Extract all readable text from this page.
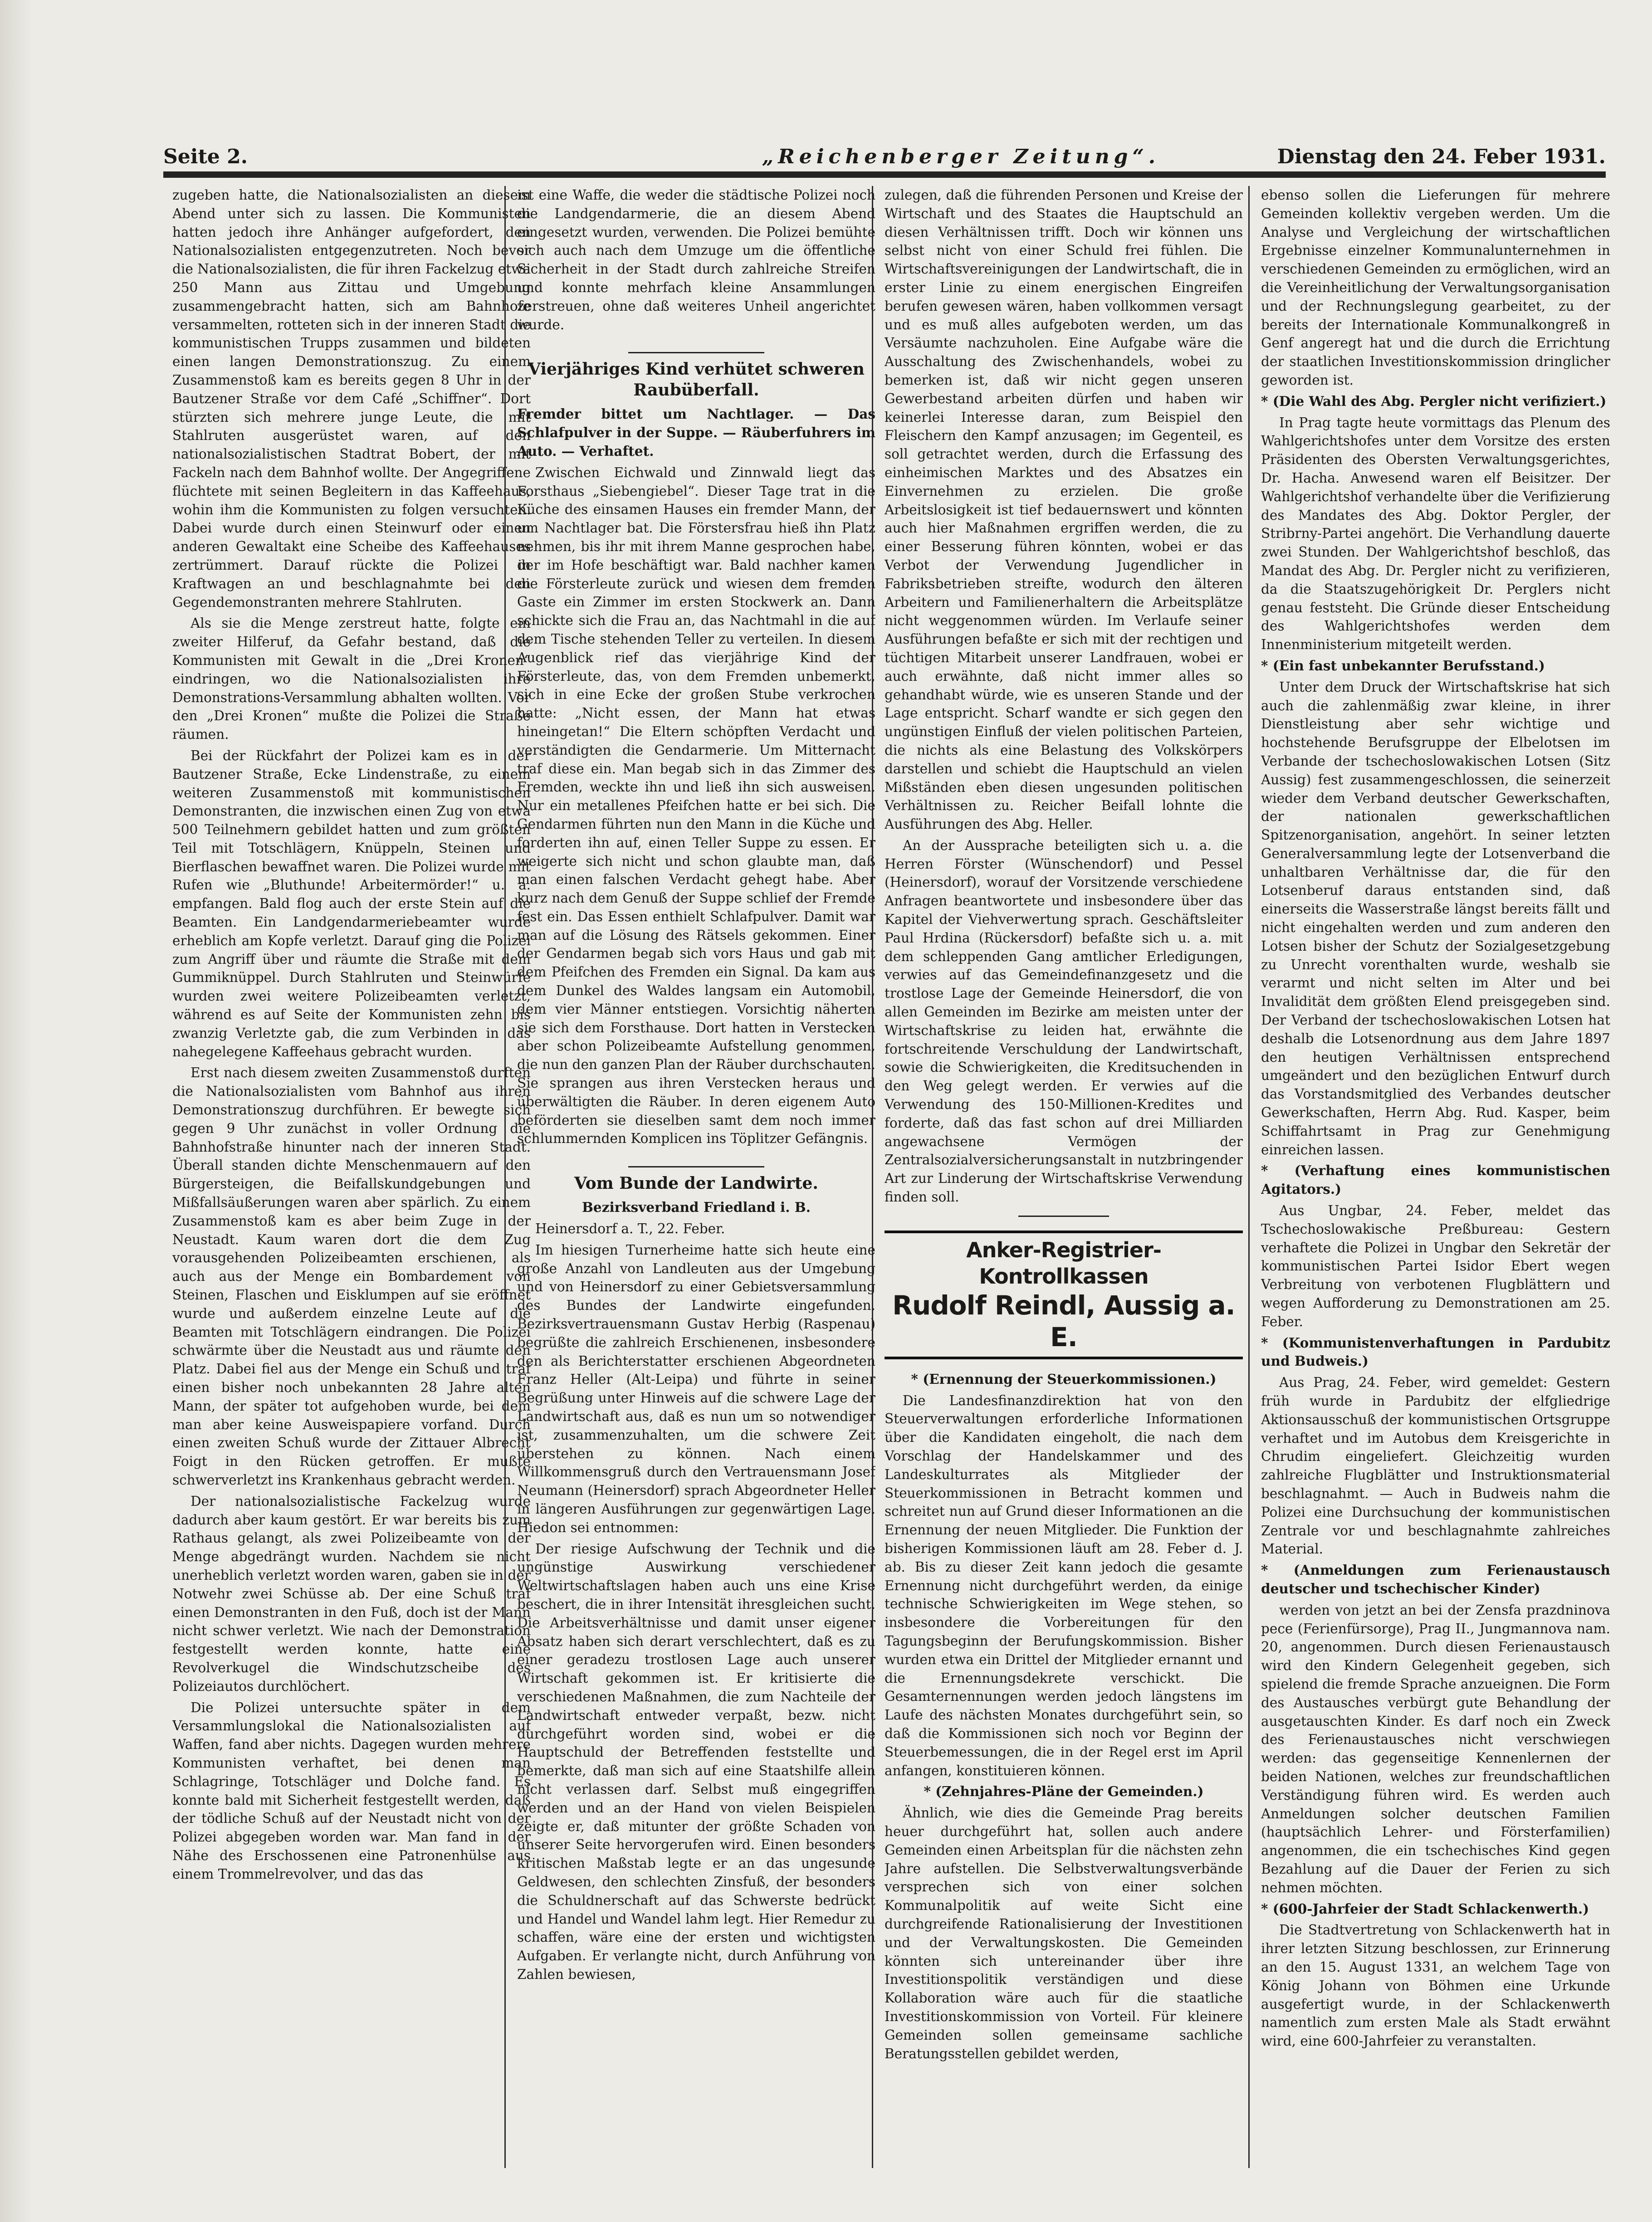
Seite 2.	„Reichenberger Zeitung“.	Dienstag den 24. Feber 1931.

zugeben hatte, die Nationalsozialisten an diesem Abend unter sich zu lassen. Die Kommunisten hatten jedoch ihre Anhänger aufgefordert, den Nationalsozialisten entgegenzutreten. Noch bevor die Nationalsozialisten, die für ihren Fackelzug etwa 250 Mann aus Zittau und Umgebung zusammengebracht hatten, sich am Bahnhofe versammelten, rotteten sich in der inneren Stadt die kommunistischen Trupps zusammen und bildeten einen langen Demonstrationszug. Zu einem Zusammenstoß kam es bereits gegen 8 Uhr in der Bautzener Straße vor dem Café „Schiffner“. Dort stürzten sich mehrere junge Leute, die mit Stahlruten ausgerüstet waren, auf den nationalsozialistischen Stadtrat Bobert, der mit Fackeln nach dem Bahnhof wollte. Der Angegriffene flüchtete mit seinen Begleitern in das Kaffeehaus, wohin ihm die Kommunisten zu folgen versuchten. Dabei wurde durch einen Steinwurf oder einen anderen Gewaltakt eine Scheibe des Kaffeehauses zertrümmert. Darauf rückte die Polizei in Kraftwagen an und beschlagnahmte bei den Gegendemonstranten mehrere Stahlruten.

Als sie die Menge zerstreut hatte, folgte ein zweiter Hilferuf, da Gefahr bestand, daß die Kommunisten mit Gewalt in die „Drei Kronen“ eindringen, wo die Nationalsozialisten ihre Demonstrations-Versammlung abhalten wollten. Vor den „Drei Kronen“ mußte die Polizei die Straße räumen.

Bei der Rückfahrt der Polizei kam es in der Bautzener Straße, Ecke Lindenstraße, zu einem weiteren Zusammenstoß mit kommunistischen Demonstranten, die inzwischen einen Zug von etwa 500 Teilnehmern gebildet hatten und zum größten Teil mit Totschlägern, Knüppeln, Steinen und Bierflaschen bewaffnet waren. Die Polizei wurde mit Rufen wie „Bluthunde! Arbeitermörder!“ u. a. empfangen. Bald flog auch der erste Stein auf die Beamten. Ein Landgendarmeriebeamter wurde erheblich am Kopfe verletzt. Darauf ging die Polizei zum Angriff über und räumte die Straße mit dem Gummiknüppel. Durch Stahlruten und Steinwürfe wurden zwei weitere Polizeibeamten verletzt, während es auf Seite der Kommunisten zehn bis zwanzig Verletzte gab, die zum Verbinden in das nahegelegene Kaffeehaus gebracht wurden.

Erst nach diesem zweiten Zusammenstoß durften die Nationalsozialisten vom Bahnhof aus ihren Demonstrationszug durchführen. Er bewegte sich gegen 9 Uhr zunächst in voller Ordnung die Bahnhofstraße hinunter nach der inneren Stadt. Überall standen dichte Menschenmauern auf den Bürgersteigen, die Beifallskundgebungen und Mißfallsäußerungen waren aber spärlich. Zu einem Zusammenstoß kam es aber beim Zuge in der Neustadt. Kaum waren dort die dem Zug vorausgehenden Polizeibeamten erschienen, als auch aus der Menge ein Bombardement von Steinen, Flaschen und Eisklumpen auf sie eröffnet wurde und außerdem einzelne Leute auf die Beamten mit Totschlägern eindrangen. Die Polizei schwärmte über die Neustadt aus und räumte den Platz. Dabei fiel aus der Menge ein Schuß und traf einen bisher noch unbekannten 28 Jahre alten Mann, der später tot aufgehoben wurde, bei dem man aber keine Ausweispapiere vorfand. Durch einen zweiten Schuß wurde der Zittauer Albrecht Foigt in den Rücken getroffen. Er mußte schwerverletzt ins Krankenhaus gebracht werden.

Der nationalsozialistische Fackelzug wurde dadurch aber kaum gestört. Er war bereits bis zum Rathaus gelangt, als zwei Polizeibeamte von der Menge abgedrängt wurden. Nachdem sie nicht unerheblich verletzt worden waren, gaben sie in der Notwehr zwei Schüsse ab. Der eine Schuß traf einen Demonstranten in den Fuß, doch ist der Mann nicht schwer verletzt. Wie nach der Demonstration festgestellt werden konnte, hatte eine Revolverkugel die Windschutzscheibe des Polizeiautos durchlöchert.

Die Polizei untersuchte später in dem Versammlungslokal die Nationalsozialisten auf Waffen, fand aber nichts. Dagegen wurden mehrere Kommunisten verhaftet, bei denen man Schlagringe, Totschläger und Dolche fand. Es konnte bald mit Sicherheit festgestellt werden, daß der tödliche Schuß auf der Neustadt nicht von der Polizei abgegeben worden war. Man fand in der Nähe des Erschossenen eine Patronenhülse aus einem Trommelrevolver, und das das

ist eine Waffe, die weder die städtische Polizei noch die Landgendarmerie, die an diesem Abend eingesetzt wurden, verwenden. Die Polizei bemühte sich auch nach dem Umzuge um die öffentliche Sicherheit in der Stadt durch zahlreiche Streifen und konnte mehrfach kleine Ansammlungen zerstreuen, ohne daß weiteres Unheil angerichtet wurde.

Vierjähriges Kind verhütet schweren Raubüberfall.

Fremder bittet um Nachtlager. — Das Schlafpulver in der Suppe. — Räuberfuhrers im Auto. — Verhaftet.

Zwischen Eichwald und Zinnwald liegt das Forsthaus „Siebengiebel“. Dieser Tage trat in die Küche des einsamen Hauses ein fremder Mann, der um Nachtlager bat. Die Förstersfrau hieß ihn Platz nehmen, bis ihr mit ihrem Manne gesprochen habe, der im Hofe beschäftigt war. Bald nachher kamen die Försterleute zurück und wiesen dem fremden Gaste ein Zimmer im ersten Stockwerk an. Dann schickte sich die Frau an, das Nachtmahl in die auf dem Tische stehenden Teller zu verteilen. In diesem Augenblick rief das vierjährige Kind der Försterleute, das, von dem Fremden unbemerkt, sich in eine Ecke der großen Stube verkrochen hatte: „Nicht essen, der Mann hat etwas hineingetan!“ Die Eltern schöpften Verdacht und verständigten die Gendarmerie. Um Mitternacht traf diese ein. Man begab sich in das Zimmer des Fremden, weckte ihn und ließ ihn sich ausweisen. Nur ein metallenes Pfeifchen hatte er bei sich. Die Gendarmen führten nun den Mann in die Küche und forderten ihn auf, einen Teller Suppe zu essen. Er weigerte sich nicht und schon glaubte man, daß man einen falschen Verdacht gehegt habe. Aber kurz nach dem Genuß der Suppe schlief der Fremde fest ein. Das Essen enthielt Schlafpulver. Damit war man auf die Lösung des Rätsels gekommen. Einer der Gendarmen begab sich vors Haus und gab mit dem Pfeifchen des Fremden ein Signal. Da kam aus dem Dunkel des Waldes langsam ein Automobil, dem vier Männer entstiegen. Vorsichtig näherten sie sich dem Forsthause. Dort hatten in Verstecken aber schon Polizeibeamte Aufstellung genommen, die nun den ganzen Plan der Räuber durchschauten. Sie sprangen aus ihren Verstecken heraus und überwältigten die Räuber. In deren eigenem Auto beförderten sie dieselben samt dem noch immer schlummernden Komplicen ins Töplitzer Gefängnis.

Vom Bunde der Landwirte.

Bezirksverband Friedland i. B.

Heinersdorf a. T., 22. Feber.

Im hiesigen Turnerheime hatte sich heute eine große Anzahl von Landleuten aus der Umgebung und von Heinersdorf zu einer Gebietsversammlung des Bundes der Landwirte eingefunden. Bezirksvertrauensmann Gustav Herbig (Raspenau) begrüßte die zahlreich Erschienenen, insbesondere den als Berichterstatter erschienen Abgeordneten Franz Heller (Alt-Leipa) und führte in seiner Begrüßung unter Hinweis auf die schwere Lage der Landwirtschaft aus, daß es nun um so notwendiger ist, zusammenzuhalten, um die schwere Zeit überstehen zu können. Nach einem Willkommensgruß durch den Vertrauensmann Josef Neumann (Heinersdorf) sprach Abgeordneter Heller in längeren Ausführungen zur gegenwärtigen Lage. Hiedon sei entnommen:

Der riesige Aufschwung der Technik und die ungünstige Auswirkung verschiedener Weltwirtschaftslagen haben auch uns eine Krise beschert, die in ihrer Intensität ihresgleichen sucht. Die Arbeitsverhältnisse und damit unser eigener Absatz haben sich derart verschlechtert, daß es zu einer geradezu trostlosen Lage auch unserer Wirtschaft gekommen ist. Er kritisierte die verschiedenen Maßnahmen, die zum Nachteile der Landwirtschaft entweder verpaßt, bezw. nicht durchgeführt worden sind, wobei er die Hauptschuld der Betreffenden feststellte und bemerkte, daß man sich auf eine Staatshilfe allein nicht verlassen darf. Selbst muß eingegriffen werden und an der Hand von vielen Beispielen zeigte er, daß mitunter der größte Schaden von unserer Seite hervorgerufen wird. Einen besonders kritischen Maßstab legte er an das ungesunde Geldwesen, den schlechten Zinsfuß, der besonders die Schuldnerschaft auf das Schwerste bedrückt und Handel und Wandel lahm legt. Hier Remedur zu schaffen, wäre eine der ersten und wichtigsten Aufgaben. Er verlangte nicht, durch Anführung von Zahlen bewiesen,

zulegen, daß die führenden Personen und Kreise der Wirtschaft und des Staates die Hauptschuld an diesen Verhältnissen trifft. Doch wir können uns selbst nicht von einer Schuld frei fühlen. Die Wirtschaftsvereinigungen der Landwirtschaft, die in erster Linie zu einem energischen Eingreifen berufen gewesen wären, haben vollkommen versagt und es muß alles aufgeboten werden, um das Versäumte nachzuholen. Eine Aufgabe wäre die Ausschaltung des Zwischenhandels, wobei zu bemerken ist, daß wir nicht gegen unseren Gewerbestand arbeiten dürfen und haben wir keinerlei Interesse daran, zum Beispiel den Fleischern den Kampf anzusagen; im Gegenteil, es soll getrachtet werden, durch die Erfassung des einheimischen Marktes und des Absatzes ein Einvernehmen zu erzielen. Die große Arbeitslosigkeit ist tief bedauernswert und könnten auch hier Maßnahmen ergriffen werden, die zu einer Besserung führen könnten, wobei er das Verbot der Verwendung Jugendlicher in Fabriksbetrieben streifte, wodurch den älteren Arbeitern und Familienerhaltern die Arbeitsplätze nicht weggenommen würden. Im Verlaufe seiner Ausführungen befaßte er sich mit der rechtigen und tüchtigen Mitarbeit unserer Landfrauen, wobei er auch erwähnte, daß nicht immer alles so gehandhabt würde, wie es unseren Stande und der Lage entspricht. Scharf wandte er sich gegen den ungünstigen Einfluß der vielen politischen Parteien, die nichts als eine Belastung des Volkskörpers darstellen und schiebt die Hauptschuld an vielen Mißständen eben diesen ungesunden politischen Verhältnissen zu. Reicher Beifall lohnte die Ausführungen des Abg. Heller.

An der Aussprache beteiligten sich u. a. die Herren Förster (Wünschendorf) und Pessel (Heinersdorf), worauf der Vorsitzende verschiedene Anfragen beantwortete und insbesondere über das Kapitel der Viehverwertung sprach. Geschäftsleiter Paul Hrdina (Rückersdorf) befaßte sich u. a. mit dem schleppenden Gang amtlicher Erledigungen, verwies auf das Gemeindefinanzgesetz und die trostlose Lage der Gemeinde Heinersdorf, die von allen Gemeinden im Bezirke am meisten unter der Wirtschaftskrise zu leiden hat, erwähnte die fortschreitende Verschuldung der Landwirtschaft, sowie die Schwierigkeiten, die Kreditsuchenden in den Weg gelegt werden. Er verwies auf die Verwendung des 150-Millionen-Kredites und forderte, daß das fast schon auf drei Milliarden angewachsene Vermögen der Zentralsozialversicherungsanstalt in nutzbringender Art zur Linderung der Wirtschaftskrise Verwendung finden soll.

Anker-Registrier-Kontrollkassen
Rudolf Reindl, Aussig a. E.

* (Ernennung der Steuerkommissionen.)

Die Landesfinanzdirektion hat von den Steuerverwaltungen erforderliche Informationen über die Kandidaten eingeholt, die nach dem Vorschlag der Handelskammer und des Landeskulturrates als Mitglieder der Steuerkommissionen in Betracht kommen und schreitet nun auf Grund dieser Informationen an die Ernennung der neuen Mitglieder. Die Funktion der bisherigen Kommissionen läuft am 28. Feber d. J. ab. Bis zu dieser Zeit kann jedoch die gesamte Ernennung nicht durchgeführt werden, da einige technische Schwierigkeiten im Wege stehen, so insbesondere die Vorbereitungen für den Tagungsbeginn der Berufungskommission. Bisher wurden etwa ein Drittel der Mitglieder ernannt und die Ernennungsdekrete verschickt. Die Gesamternennungen werden jedoch längstens im Laufe des nächsten Monates durchgeführt sein, so daß die Kommissionen sich noch vor Beginn der Steuerbemessungen, die in der Regel erst im April anfangen, konstituieren können.

* (Zehnjahres-Pläne der Gemeinden.)

Ähnlich, wie dies die Gemeinde Prag bereits heuer durchgeführt hat, sollen auch andere Gemeinden einen Arbeitsplan für die nächsten zehn Jahre aufstellen. Die Selbstverwaltungsverbände versprechen sich von einer solchen Kommunalpolitik auf weite Sicht eine durchgreifende Rationalisierung der Investitionen und der Verwaltungskosten. Die Gemeinden könnten sich untereinander über ihre Investitionspolitik verständigen und diese Kollaboration wäre auch für die staatliche Investitionskommission von Vorteil. Für kleinere Gemeinden sollen gemeinsame sachliche Beratungsstellen gebildet werden,

ebenso sollen die Lieferungen für mehrere Gemeinden kollektiv vergeben werden. Um die Analyse und Vergleichung der wirtschaftlichen Ergebnisse einzelner Kommunalunternehmen in verschiedenen Gemeinden zu ermöglichen, wird an die Vereinheitlichung der Verwaltungsorganisation und der Rechnungslegung gearbeitet, zu der bereits der Internationale Kommunalkongreß in Genf angeregt hat und die durch die Errichtung der staatlichen Investitionskommission dringlicher geworden ist.

* (Die Wahl des Abg. Pergler nicht verifiziert.)

In Prag tagte heute vormittags das Plenum des Wahlgerichtshofes unter dem Vorsitze des ersten Präsidenten des Obersten Verwaltungsgerichtes, Dr. Hacha. Anwesend waren elf Beisitzer. Der Wahlgerichtshof verhandelte über die Verifizierung des Mandates des Abg. Doktor Pergler, der Stribrny-Partei angehört. Die Verhandlung dauerte zwei Stunden. Der Wahlgerichtshof beschloß, das Mandat des Abg. Dr. Pergler nicht zu verifizieren, da die Staatszugehörigkeit Dr. Perglers nicht genau feststeht. Die Gründe dieser Entscheidung des Wahlgerichtshofes werden dem Innenministerium mitgeteilt werden.

* (Ein fast unbekannter Berufsstand.)

Unter dem Druck der Wirtschaftskrise hat sich auch die zahlenmäßig zwar kleine, in ihrer Dienstleistung aber sehr wichtige und hochstehende Berufsgruppe der Elbelotsen im Verbande der tschechoslowakischen Lotsen (Sitz Aussig) fest zusammengeschlossen, die seinerzeit wieder dem Verband deutscher Gewerkschaften, der nationalen gewerkschaftlichen Spitzenorganisation, angehört. In seiner letzten Generalversammlung legte der Lotsenverband die unhaltbaren Verhältnisse dar, die für den Lotsenberuf daraus entstanden sind, daß einerseits die Wasserstraße längst bereits fällt und nicht eingehalten werden und zum anderen den Lotsen bisher der Schutz der Sozialgesetzgebung zu Unrecht vorenthalten wurde, weshalb sie verarmt und nicht selten im Alter und bei Invalidität dem größten Elend preisgegeben sind. Der Verband der tschechoslowakischen Lotsen hat deshalb die Lotsenordnung aus dem Jahre 1897 den heutigen Verhältnissen entsprechend umgeändert und den bezüglichen Entwurf durch das Vorstandsmitglied des Verbandes deutscher Gewerkschaften, Herrn Abg. Rud. Kasper, beim Schiffahrtsamt in Prag zur Genehmigung einreichen lassen.

* (Verhaftung eines kommunistischen Agitators.)

Aus Ungbar, 24. Feber, meldet das Tschechoslowakische Preßbureau: Gestern verhaftete die Polizei in Ungbar den Sekretär der kommunistischen Partei Isidor Ebert wegen Verbreitung von verbotenen Flugblättern und wegen Aufforderung zu Demonstrationen am 25. Feber.

* (Kommunistenverhaftungen in Pardubitz und Budweis.)

Aus Prag, 24. Feber, wird gemeldet: Gestern früh wurde in Pardubitz der elfgliedrige Aktionsausschuß der kommunistischen Ortsgruppe verhaftet und im Autobus dem Kreisgerichte in Chrudim eingeliefert. Gleichzeitig wurden zahlreiche Flugblätter und Instruktionsmaterial beschlagnahmt. — Auch in Budweis nahm die Polizei eine Durchsuchung der kommunistischen Zentrale vor und beschlagnahmte zahlreiches Material.

* (Anmeldungen zum Ferienaustausch deutscher und tschechischer Kinder)

werden von jetzt an bei der Zensfa prazdninova pece (Ferienfürsorge), Prag II., Jungmannova nam. 20, angenommen. Durch diesen Ferienaustausch wird den Kindern Gelegenheit gegeben, sich spielend die fremde Sprache anzueignen. Die Form des Austausches verbürgt gute Behandlung der ausgetauschten Kinder. Es darf noch ein Zweck des Ferienaustausches nicht verschwiegen werden: das gegenseitige Kennenlernen der beiden Nationen, welches zur freundschaftlichen Verständigung führen wird. Es werden auch Anmeldungen solcher deutschen Familien (hauptsächlich Lehrer- und Försterfamilien) angenommen, die ein tschechisches Kind gegen Bezahlung auf die Dauer der Ferien zu sich nehmen möchten.

* (600-Jahrfeier der Stadt Schlackenwerth.)

Die Stadtvertretung von Schlackenwerth hat in ihrer letzten Sitzung beschlossen, zur Erinnerung an den 15. August 1331, an welchem Tage von König Johann von Böhmen eine Urkunde ausgefertigt wurde, in der Schlackenwerth namentlich zum ersten Male als Stadt erwähnt wird, eine 600-Jahrfeier zu veranstalten.
